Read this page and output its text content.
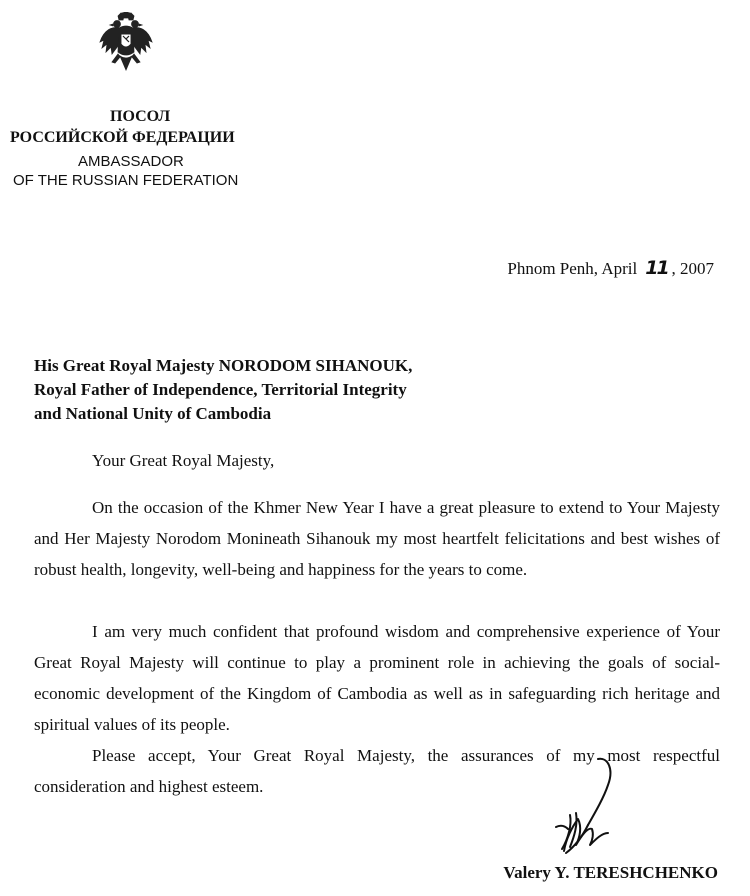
ПОСОЛ
РОССИЙСКОЙ ФЕДЕРАЦИИ
AMBASSADOR
OF THE RUSSIAN FEDERATION
Phnom Penh, April 11 , 2007
His Great Royal Majesty NORODOM SIHANOUK,
Royal Father of Independence, Territorial Integrity
and National Unity of Cambodia
Your Great Royal Majesty,

On the occasion of the Khmer New Year I have a great pleasure to extend to Your Majesty and Her Majesty Norodom Monineath Sihanouk my most heartfelt felicitations and best wishes of robust health, longevity, well-being and happiness for the years to come.

I am very much confident that profound wisdom and comprehensive experience of Your Great Royal Majesty will continue to play a prominent role in achieving the goals of social-economic development of the Kingdom of Cambodia as well as in safeguarding rich heritage and spiritual values of its people.

Please accept, Your Great Royal Majesty, the assurances of my most respectful consideration and highest esteem.

Valery Y. TERESHCHENKO
